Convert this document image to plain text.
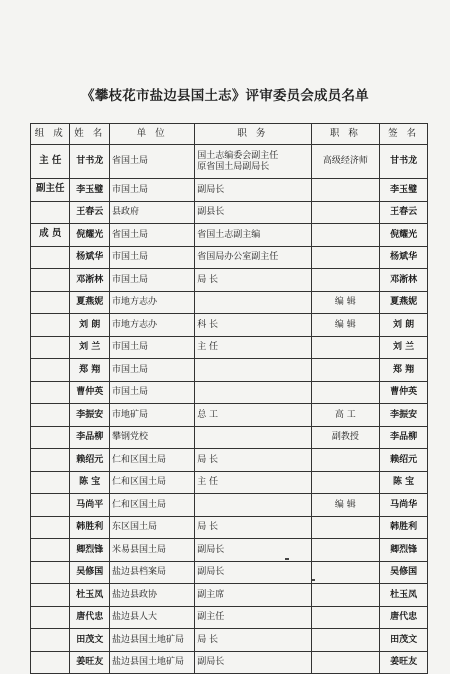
《攀枝花市盐边县国土志》评审委员会成员名单
组 成	姓 名	单 位	职 务	职 称	签 名
主 任	甘书龙	省国土局	国土志编委会副主任
原省国土局副局长	高级经济师	甘书龙
副主任	李玉璧	市国土局	副局长		李玉璧
	王春云	县政府	副县长		王春云
成 员	倪耀光	省国土局	省国土志副主编		倪耀光
	杨斌华	市国土局	省国局办公室副主任		杨斌华
	邓淅林	市国土局	局 长		邓淅林
	夏燕妮	市地方志办		编 辑	夏燕妮
	刘 朗	市地方志办	科 长	编 辑	刘 朗
	刘 兰	市国土局	主 任		刘 兰
	郑 翔	市国土局			郑 翔
	曹仲英	市国土局			曹仲英
	李振安	市地矿局	总 工	高 工	李振安
	李品柳	攀钢党校		副教授	李品柳
	赖绍元	仁和区国土局	局 长		赖绍元
	陈 宝	仁和区国土局	主 任		陈 宝
	马尚平	仁和区国土局		编 辑	马尚华
	韩胜利	东区国土局	局 长		韩胜利
	卿烈锋	米易县国土局	副局长		卿烈锋
	吴修国	盐边县档案局	副局长		吴修国
	杜玉凤	盐边县政协	副主席		杜玉凤
	唐代忠	盐边县人大	副主任		唐代忠
	田茂文	盐边县国土地矿局	局 长		田茂文
	姜旺友	盐边县国土地矿局	副局长		姜旺友
